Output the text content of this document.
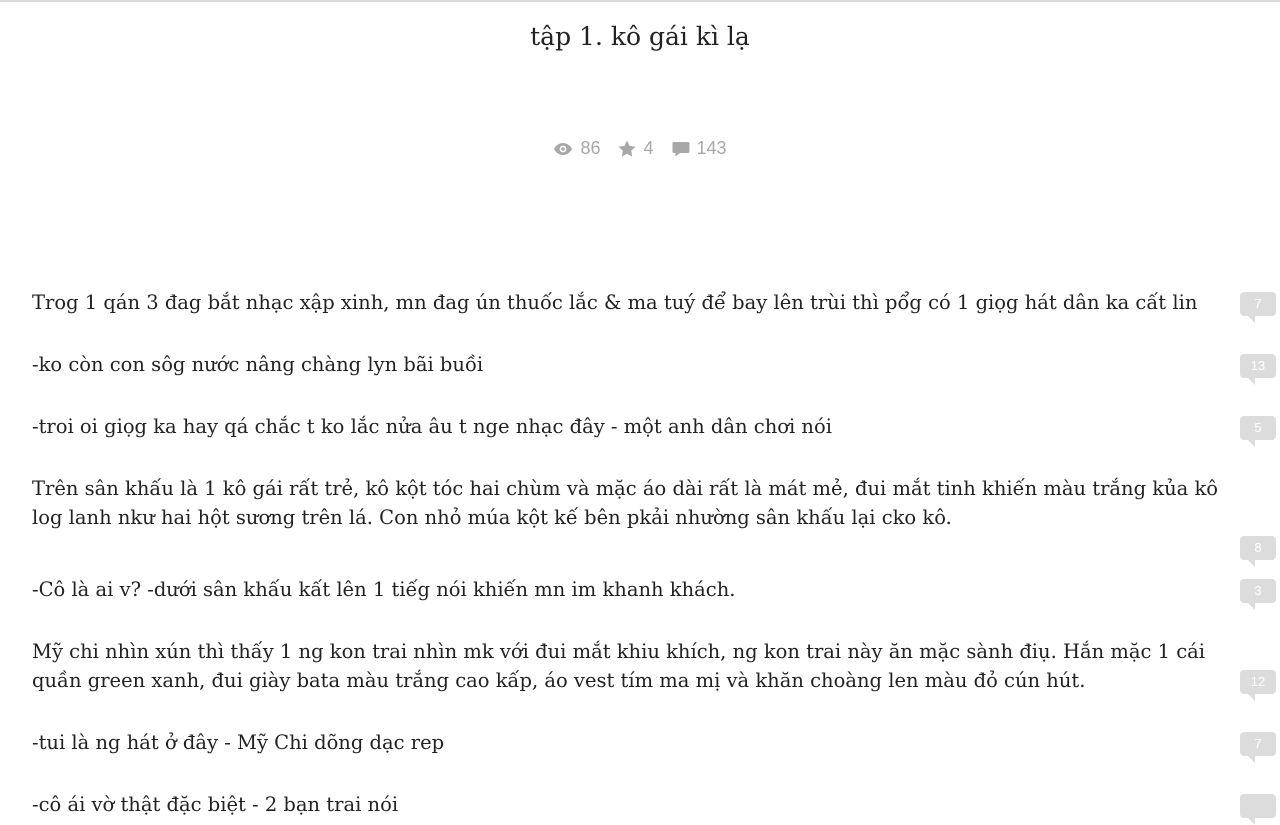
tập 1. kô gái kì lạ
86 4 143

Trog 1 qán 3 đag bắt nhạc xập xinh, mn đag ún thuốc lắc & ma tuý để bay lên trùi thì pổg có 1 giọg hát dân ka cất lin	7

-ko còn con sôg nước nâng chàng lyn bãi buồi	13

-troi oi giọg ka hay qá chắc t ko lắc nửa âu t ngе nhạc đây - một anh dân chơi nói	5

Trên sân khấu là 1 kô gái rất trẻ, kô kột tóc hai chùm và mặc áo dài rất là mát mẻ, đui mắt tinh khiến màu trắng kủa kô log lanh nkư hai hột sương trên lá. Con nhỏ múa kột kế bên pkải nhường sân khấu lại cko kô.

8

-Cô là ai v? -dưới sân khấu kất lên 1 tiếg nói khiến mn im khanh khách.	3

Mỹ chi nhìn xún thì thấy 1 ng kon trai nhìn mk với đui mắt khiu khích, ng kon trai này ăn mặc sành điụ. Hắn mặc 1 cái quần green xanh, đui giày bata màu trắng cao kấp, áo vest tím ma mị và khăn choàng len màu đỏ cún hút.	12

-tui là ng hát ở đây - Mỹ Chi dõng dạc rep	7

-cô ái vờ thật đặc biệt - 2 bạn trai nói
